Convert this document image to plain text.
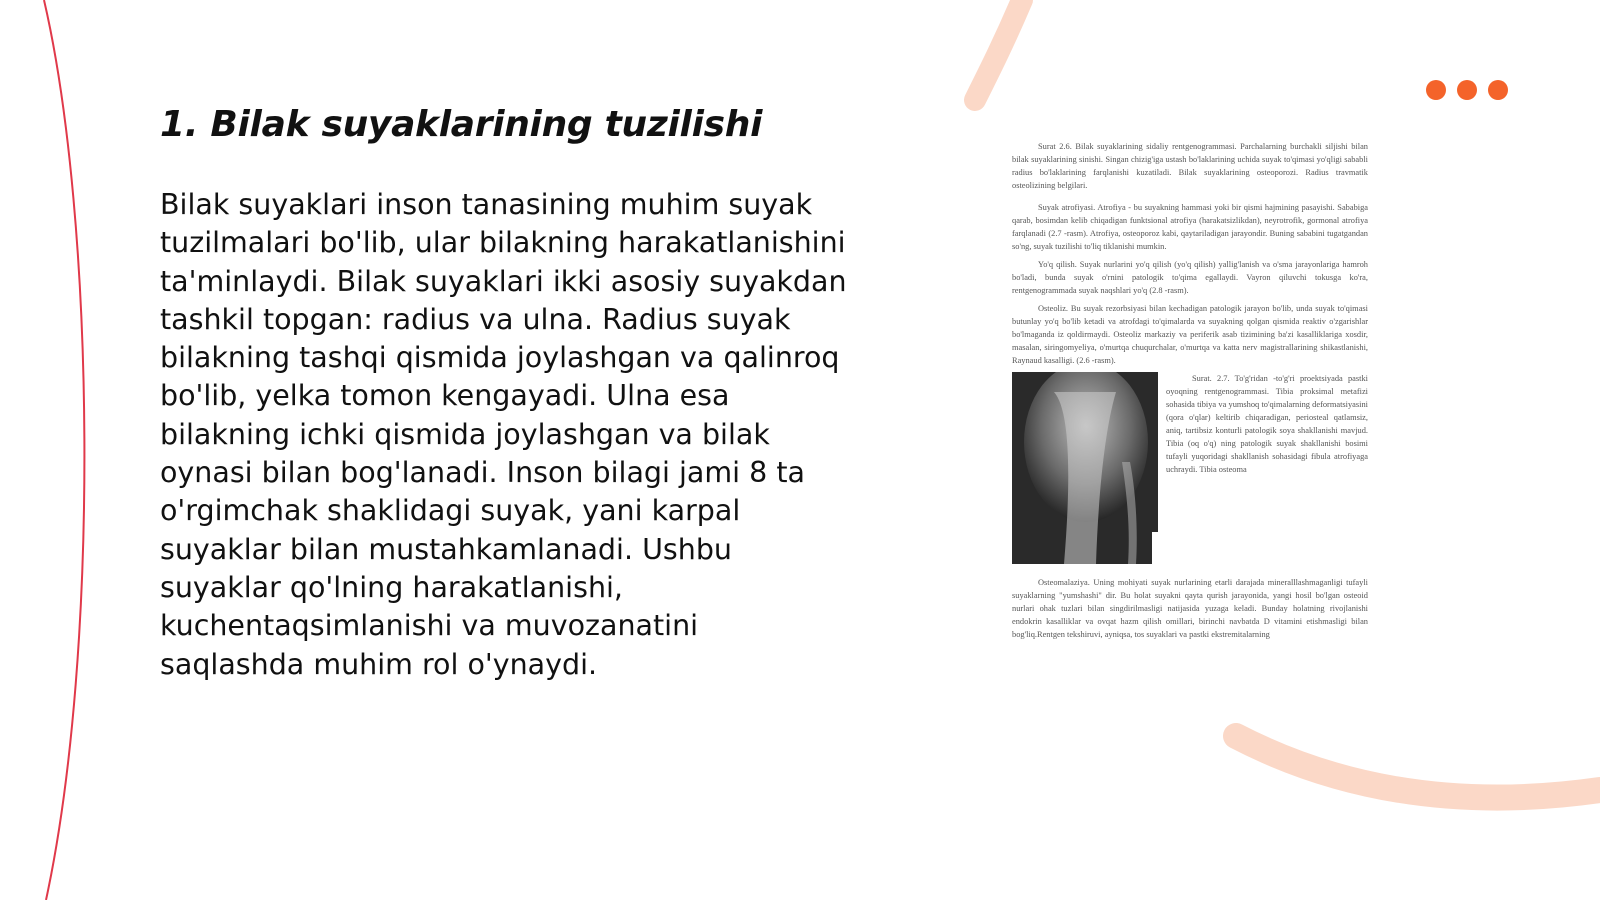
1. Bilak suyaklarining tuzilishi

Bilak suyaklari inson tanasining muhim suyak tuzilmalari bo'lib, ular bilakning harakatlanishini ta'minlaydi. Bilak suyaklari ikki asosiy suyakdan tashkil topgan: radius va ulna. Radius suyak bilakning tashqi qismida joylashgan va qalinroq bo'lib, yelka tomon kengayadi. Ulna esa bilakning ichki qismida joylashgan va bilak oynasi bilan bog'lanadi. Inson bilagi jami 8 ta o'rgimchak shaklidagi suyak, yani karpal suyaklar bilan mustahkamlanadi. Ushbu suyaklar qo'lning harakatlanishi, kuchentaqsimlanishi va muvozanatini saqlashda muhim rol o'ynaydi.

Surat 2.6. Bilak suyaklarining sidaliy rentgenogrammasi. Parchalarning burchakli siljishi bilan bilak suyaklarining sinishi. Singan chizig'iga ustash bo'laklarining uchida suyak to'qimasi yo'qligi sababli radius bo'laklarining farqlanishi kuzatiladi. Bilak suyaklarining osteoporozi. Radius travmatik osteolizining belgilari.

Suyak atrofiyasi. Atrofiya - bu suyakning hammasi yoki bir qismi hajmining pasayishi. Sababiga qarab, bosimdan kelib chiqadigan funktsional atrofiya (harakatsizlikdan), neyrotrofik, gormonal atrofiya farqlanadi (2.7 -rasm). Atrofiya, osteoporoz kabi, qaytariladigan jarayondir. Buning sababini tugatgandan so'ng, suyak tuzilishi to'liq tiklanishi mumkin.

Yo'q qilish. Suyak nurlarini yo'q qilish (yo'q qilish) yallig'lanish va o'sma jarayonlariga hamroh bo'ladi, bunda suyak o'rnini patologik to'qima egallaydi. Vayron qiluvchi tokusga ko'ra, rentgenogrammada suyak naqshlari yo'q (2.8 -rasm).

Osteoliz. Bu suyak rezorbsiyasi bilan kechadigan patologik jarayon bo'lib, unda suyak to'qimasi butunlay yo'q bo'lib ketadi va atrofdagi to'qimalarda va suyakning qolgan qismida reaktiv o'zgarishlar bo'lmaganda iz qoldirmaydi. Osteoliz markaziy va periferik asab tizimining ba'zi kasalliklariga xosdir, masalan, siringomyeliya, o'murtqa chuqurchalar, o'murtqa va katta nerv magistrallarining shikastlanishi, Raynaud kasalligi. (2.6 -rasm).

Surat. 2.7. To'g'ridan -to'g'ri proektsiyada pastki oyoqning rentgenogrammasi. Tibia proksimal metafizi sohasida tibiya va yumshoq to'qimalarning deformatsiyasini (qora o'qlar) keltirib chiqaradigan, periosteal qatlamsiz, aniq, tartibsiz konturli patologik soya shakllanishi mavjud. Tibia (oq o'q) ning patologik suyak shakllanishi bosimi tufayli yuqoridagi shakllanish sohasidagi fibula atrofiyaga uchraydi. Tibia osteoma

Osteomalaziya. Uning mohiyati suyak nurlarining etarli darajada mineralllashmaganligi tufayli suyaklarning "yumshashi" dir. Bu holat suyakni qayta qurish jarayonida, yangi hosil bo'lgan osteoid nurlari ohak tuzlari bilan singdirilmasligi natijasida yuzaga keladi. Bunday holatning rivojlanishi endokrin kasalliklar va ovqat hazm qilish omillari, birinchi navbatda D vitamini etishmasligi bilan bog'liq.Rentgen tekshiruvi, ayniqsa, tos suyaklari va pastki ekstremitalarning
